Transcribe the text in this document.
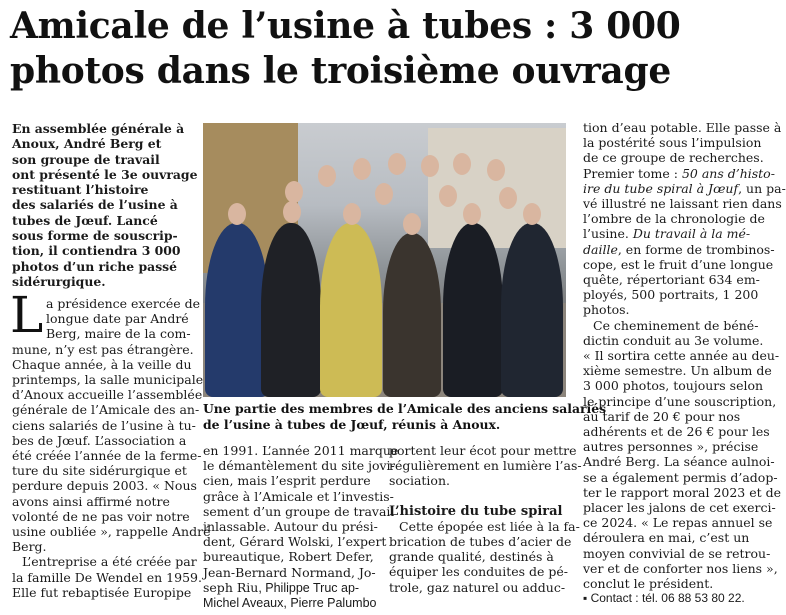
Amicale de l’usine à tubes : 3 000
photos dans le troisième ouvrage
En assemblée générale à
Anoux, André Berg et
son groupe de travail
ont présenté le 3e ouvrage
restituant l’histoire
des salariés de l’usine à
tubes de Jœuf. Lancé
sous forme de souscrip-
tion, il contiendra 3 000
photos d’un riche passé
sidérurgique.
L a présidence exercée de
longue date par André
Berg, maire de la com-
mune, n’y est pas étrangère.
Chaque année, à la veille du
printemps, la salle municipale
d’Anoux accueille l’assemblée
générale de l’Amicale des an-
ciens salariés de l’usine à tu-
bes de Jœuf. L’association a
été créée l’année de la ferme-
ture du site sidérurgique et
perdure depuis 2003. « Nous
avons ainsi affirmé notre
volonté de ne pas voir notre
usine oubliée », rappelle André
Berg.
L’entreprise a été créée par
la famille De Wendel en 1959.
Elle fut rebaptisée Europipe
Une partie des membres de l’Amicale des anciens salariés
de l’usine à tubes de Jœuf, réunis à Anoux.
en 1991. L’année 2011 marque
le démantèlement du site jovi-
cien, mais l’esprit perdure
grâce à l’Amicale et l’investis-
sement d’un groupe de travail
inlassable. Autour du prési-
dent, Gérard Wolski, l’expert
bureautique, Robert Defer,
Jean-Bernard Normand, Jo-
seph Riu, Philippe Truc ap-
Michel Aveaux, Pierre Palumbo
portent leur écot pour mettre
régulièrement en lumière l’as-
sociation.
L’histoire du tube spiral
Cette épopée est liée à la fa-
brication de tubes d’acier de
grande qualité, destinés à
équiper les conduites de pé-
trole, gaz naturel ou adduc-
tion d’eau potable. Elle passe à
la postérité sous l’impulsion
de ce groupe de recherches.
Premier tome : 50 ans d’histo-
ire du tube spiral à Jœuf, un pa-
vé illustré ne laissant rien dans
l’ombre de la chronologie de
l’usine. Du travail à la mé-
daille, en forme de trombinos-
cope, est le fruit d’une longue
quête, répertoriant 634 em-
ployés, 500 portraits, 1 200
photos.
Ce cheminement de béné-
dictin conduit au 3e volume.
« Il sortira cette année au deu-
xième semestre. Un album de
3 000 photos, toujours selon
le principe d’une souscription,
au tarif de 20 € pour nos
adhérents et de 26 € pour les
autres personnes », précise
André Berg. La séance aulnoi-
se a également permis d’adop-
ter le rapport moral 2023 et de
placer les jalons de cet exerci-
ce 2024. « Le repas annuel se
déroulera en mai, c’est un
moyen convivial de se retrou-
ver et de conforter nos liens »,
conclut le président.
▪ Contact : tél. 06 88 53 80 22.
